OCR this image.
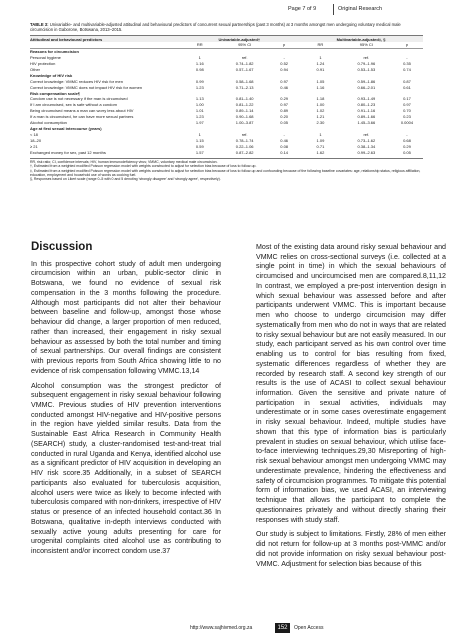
Page 7 of 9	Original Research
TABLE 3: Univariable- and multivariable-adjusted attitudinal and behavioural predictors of concurrent sexual partnerships (past 3 months) at 3 months amongst men undergoing voluntary medical male circumcision in Gaborone, Botswana, 2013–2015.
Attitudinal and behavioural predictors	Univariable-adjusted†			Multivariable-adjusted‡, §		
	RR	95% CI	p	RR	95% CI	p
Reasons for circumcision						
Personal hygiene	1	ref.	-	1	ref.	-
HIV protection	1.16	0.74–1.82	0.52	1.24	0.79–1.96	0.35
Other	0.98	0.57–1.67	0.94	0.91	0.53–1.53	0.74
Knowledge of HIV risk						
Correct knowledge: VMMC reduces HIV risk for men	0.99	0.58–1.68	0.97	1.05	0.59–1.86	0.87
Correct knowledge: VMMC does not impact HIV risk for women	1.23	0.71–2.13	0.46	1.16	0.66–2.01	0.61
Risk compensation scale¶						
Condom use is not necessary if the man is circumcised	1.13	0.81–1.40	0.29	1.18	0.93–1.49	0.17
If I am circumcised, sex is safe without a condom	1.00	0.81–1.22	0.97	1.00	0.80–1.23	0.97
Being circumcised means a man can worry less about HIV	1.01	0.89–1.14	0.89	1.02	0.91–1.16	0.70
If a man is circumcised, he can have more sexual partners	1.23	0.90–1.68	0.20	1.21	0.89–1.66	0.23
Alcohol consumption	1.97	1.00–3.87	0.05	2.30	1.45–3.66	0.0004
Age at first sexual intercourse (years)						
< 18	1	ref.	-	1	ref.	-
18–20	1.15	0.78–1.74	0.46	1.09	0.73–1.62	0.68
≥ 21	0.59	0.22–1.06	0.08	0.71	0.38–1.34	0.29
Exchanged money for sex, past 12 months	1.57	0.87–2.82	0.14	1.62	0.99–2.63	0.05
RR, risk ratio; CI, confidence intervals; HIV, human immunodeficiency virus; VMMC, voluntary medical male circumcision.
†, Estimated from a weighted modified Poisson regression model with weights constructed to adjust for selection bias because of loss to follow-up.
‡, Estimated from a weighted modified Poisson regression model with weights constructed to adjust for selection bias because of loss to follow-up and confounding because of the following baseline covariates: age, relationship status, religious affiliation, education, employment and household use of words as cooking fuel.
§, Responses based on Likert scale (range 0–5 with 0 and 5 denoting ‘strongly disagree’ and ‘strongly agree’, respectively).
Discussion

In this prospective cohort study of adult men undergoing circumcision within an urban, public-sector clinic in Botswana, we found no evidence of sexual risk compensation in the 3 months following the procedure. Although most participants did not alter their behaviour between baseline and follow-up, amongst those whose behaviour did change, a larger proportion of men reduced, rather than increased, their engagement in risky sexual behaviour as assessed by both the total number and timing of sexual partnerships. Our overall findings are consistent with previous reports from South Africa showing little to no evidence of risk compensation following VMMC.13,14

Alcohol consumption was the strongest predictor of subsequent engagement in risky sexual behaviour following VMMC. Previous studies of HIV prevention interventions conducted amongst HIV-negative and HIV-positive persons in the region have yielded similar results. Data from the Sustainable East Africa Research in Community Health (SEARCH) study, a cluster-randomised test-and-treat trial conducted in rural Uganda and Kenya, identified alcohol use as a significant predictor of HIV acquisition in developing an HIV risk score.35 Additionally, in a subset of SEARCH participants also evaluated for tuberculosis acquisition, alcohol users were twice as likely to become infected with tuberculosis compared with non-drinkers, irrespective of HIV status or presence of an infected household contact.36 In Botswana, qualitative in-depth interviews conducted with sexually active young adults presenting for care for urogenital complaints cited alcohol use as contributing to inconsistent and/or incorrect condom use.37

Most of the existing data around risky sexual behaviour and VMMC relies on cross-sectional surveys (i.e. collected at a single point in time) in which the sexual behaviours of circumcised and uncircumcised men are compared.8,11,12 In contrast, we employed a pre-post intervention design in which sexual behaviour was assessed before and after participants underwent VMMC. This is important because men who choose to undergo circumcision may differ systematically from men who do not in ways that are related to risky sexual behaviour but are not easily measured. In our study, each participant served as his own control over time enabling us to control for bias resulting from fixed, systematic differences regardless of whether they are recorded by research staff. A second key strength of our results is the use of ACASI to collect sexual behaviour information. Given the sensitive and private nature of participation in sexual activities, individuals may underestimate or in some cases overestimate engagement in risky sexual behaviour. Indeed, multiple studies have shown that this type of information bias is particularly prevalent in studies on sexual behaviour, which utilise face-to-face interviewing techniques.29,30 Misreporting of high-risk sexual behaviour amongst men undergoing VMMC may underestimate prevalence, hindering the effectiveness and safety of circumcision programmes. To mitigate this potential form of information bias, we used ACASI, an interviewing technique that allows the participant to complete the questionnaires privately and without directly sharing their responses with study staff.

Our study is subject to limitations. Firstly, 28% of men either did not return for follow-up at 3 months post-VMMC and/or did not provide information on risky sexual behaviour post-VMMC. Adjustment for selection bias because of this

http://www.sajhivmed.org.za	152	Open Access
